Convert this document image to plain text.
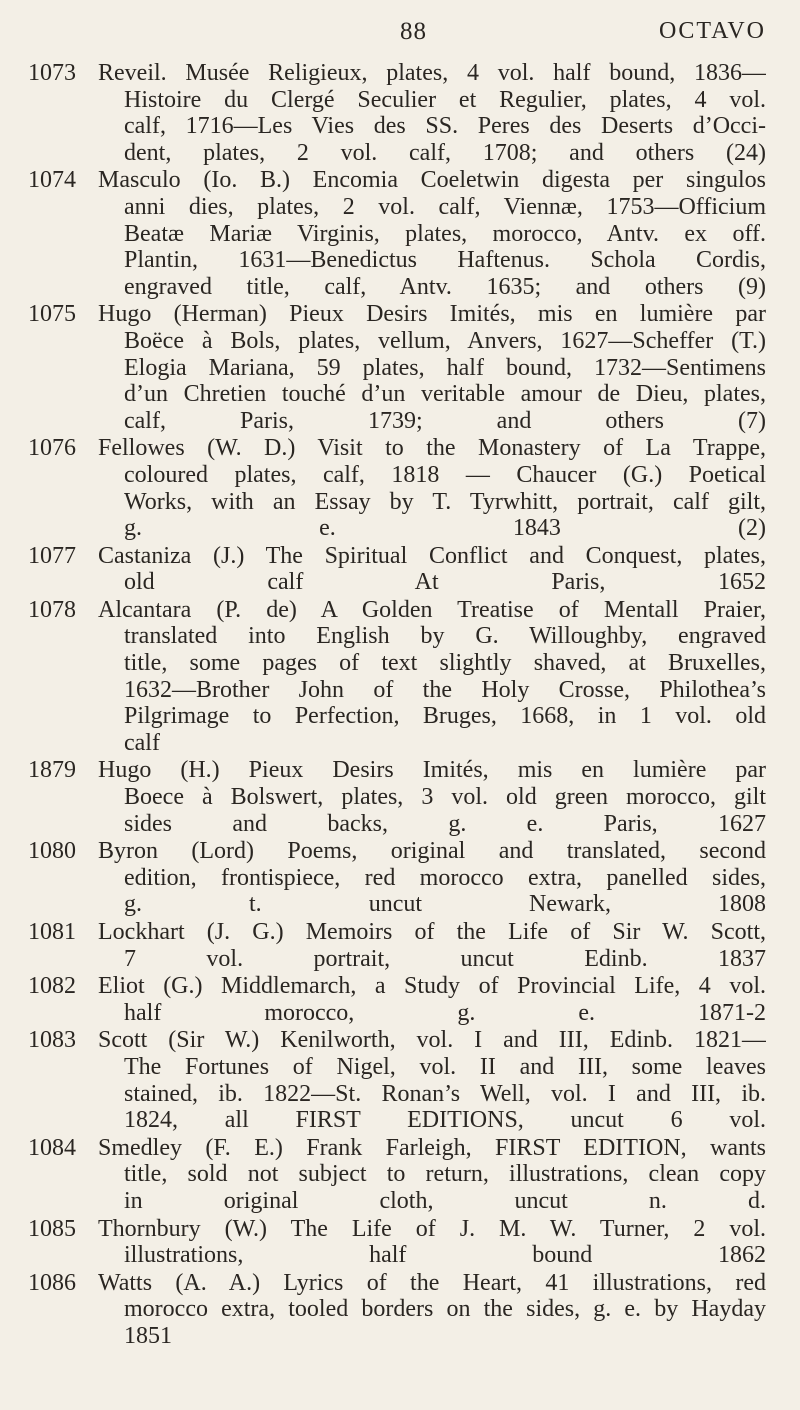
88	OCTAVO
1073 Reveil. Musée Religieux, plates, 4 vol. half bound, 1836—
Histoire du Clergé Seculier et Regulier, plates, 4 vol.
calf, 1716—Les Vies des SS. Peres des Deserts d’Occi-
dent, plates, 2 vol. calf, 1708; and others (24)
1074 Masculo (Io. B.) Encomia Coeletwin digesta per singulos
anni dies, plates, 2 vol. calf, Viennæ, 1753—Officium
Beatæ Mariæ Virginis, plates, morocco, Antv. ex off.
Plantin, 1631—Benedictus Haftenus. Schola Cordis,
engraved title, calf, Antv. 1635; and others (9)
1075 Hugo (Herman) Pieux Desirs Imités, mis en lumière par
Boëce à Bols, plates, vellum, Anvers, 1627—Scheffer (T.)
Elogia Mariana, 59 plates, half bound, 1732—Sentimens
d’un Chretien touché d’un veritable amour de Dieu, plates,
calf, Paris, 1739; and others (7)
1076 Fellowes (W. D.) Visit to the Monastery of La Trappe,
coloured plates, calf, 1818 — Chaucer (G.) Poetical
Works, with an Essay by T. Tyrwhitt, portrait, calf gilt,
g. e. 1843 (2)
1077 Castaniza (J.) The Spiritual Conflict and Conquest, plates,
old calf At Paris, 1652
1078 Alcantara (P. de) A Golden Treatise of Mentall Praier,
translated into English by G. Willoughby, engraved
title, some pages of text slightly shaved, at Bruxelles,
1632—Brother John of the Holy Crosse, Philothea’s
Pilgrimage to Perfection, Bruges, 1668, in 1 vol. old
calf
1879 Hugo (H.) Pieux Desirs Imités, mis en lumière par
Boece à Bolswert, plates, 3 vol. old green morocco, gilt
sides and backs, g. e. Paris, 1627
1080 Byron (Lord) Poems, original and translated, second
edition, frontispiece, red morocco extra, panelled sides,
g. t. uncut Newark, 1808
1081 Lockhart (J. G.) Memoirs of the Life of Sir W. Scott,
7 vol. portrait, uncut Edinb. 1837
1082 Eliot (G.) Middlemarch, a Study of Provincial Life, 4 vol.
half morocco, g. e. 1871-2
1083 Scott (Sir W.) Kenilworth, vol. I and III, Edinb. 1821—
The Fortunes of Nigel, vol. II and III, some leaves
stained, ib. 1822—St. Ronan’s Well, vol. I and III, ib.
1824, all FIRST EDITIONS, uncut 6 vol.
1084 Smedley (F. E.) Frank Farleigh, FIRST EDITION, wants
title, sold not subject to return, illustrations, clean copy
in original cloth, uncut n. d.
1085 Thornbury (W.) The Life of J. M. W. Turner, 2 vol.
illustrations, half bound 1862
1086 Watts (A. A.) Lyrics of the Heart, 41 illustrations, red
morocco extra, tooled borders on the sides, g. e. by Hayday
1851
